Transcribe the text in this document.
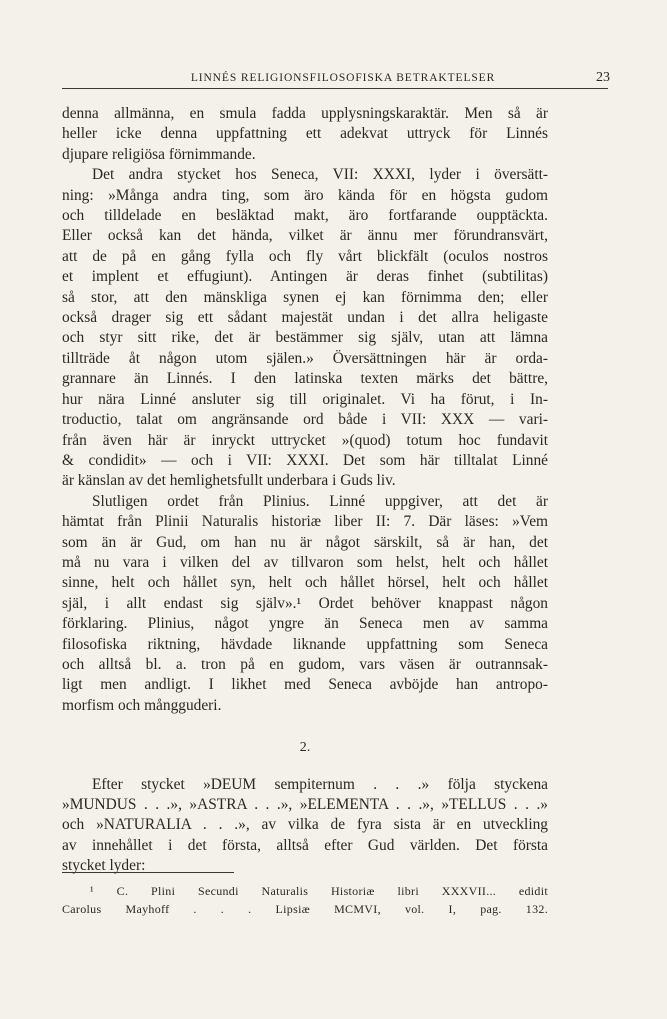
LINNÉS RELIGIONSFILOSOFISKA BETRAKTELSER	23
denna allmänna, en smula fadda upplysningskaraktär. Men så är
heller icke denna uppfattning ett adekvat uttryck för Linnés
djupare religiösa förnimmande.
Det andra stycket hos Seneca, VII: XXXI, lyder i översätt-
ning: »Många andra ting, som äro kända för en högsta gudom
och tilldelade en besläktad makt, äro fortfarande oupptäckta.
Eller också kan det hända, vilket är ännu mer förundransvärt,
att de på en gång fylla och fly vårt blickfält (oculos nostros
et implent et effugiunt). Antingen är deras finhet (subtilitas)
så stor, att den mänskliga synen ej kan förnimma den; eller
också drager sig ett sådant majestät undan i det allra heligaste
och styr sitt rike, det är bestämmer sig själv, utan att lämna
tillträde åt någon utom själen.» Översättningen här är orda-
grannare än Linnés. I den latinska texten märks det bättre,
hur nära Linné ansluter sig till originalet. Vi ha förut, i In-
troductio, talat om angränsande ord både i VII: XXX — vari-
från även här är inryckt uttrycket »(quod) totum hoc fundavit
& condidit» — och i VII: XXXI. Det som här tilltalat Linné
är känslan av det hemlighetsfullt underbara i Guds liv.
Slutligen ordet från Plinius. Linné uppgiver, att det är
hämtat från Plinii Naturalis historiæ liber II: 7. Där läses: »Vem
som än är Gud, om han nu är något särskilt, så är han, det
må nu vara i vilken del av tillvaron som helst, helt och hållet
sinne, helt och hållet syn, helt och hållet hörsel, helt och hållet
själ, i allt endast sig själv».¹ Ordet behöver knappast någon
förklaring. Plinius, något yngre än Seneca men av samma
filosofiska riktning, hävdade liknande uppfattning som Seneca
och alltså bl. a. tron på en gudom, vars väsen är outrannsak-
ligt men andligt. I likhet med Seneca avböjde han antropo-
morfism och mångguderi.
2.
Efter stycket »DEUM sempiternum . . .» följa styckena
»MUNDUS . . .», »ASTRA . . .», »ELEMENTA . . .», »TELLUS . . .»
och »NATURALIA . . .», av vilka de fyra sista är en utveckling
av innehållet i det första, alltså efter Gud världen. Det första
stycket lyder:
¹ C. Plini Secundi Naturalis Historiæ libri XXXVII... edidit
Carolus Mayhoff . . . Lipsiæ MCMVI, vol. I, pag. 132.
